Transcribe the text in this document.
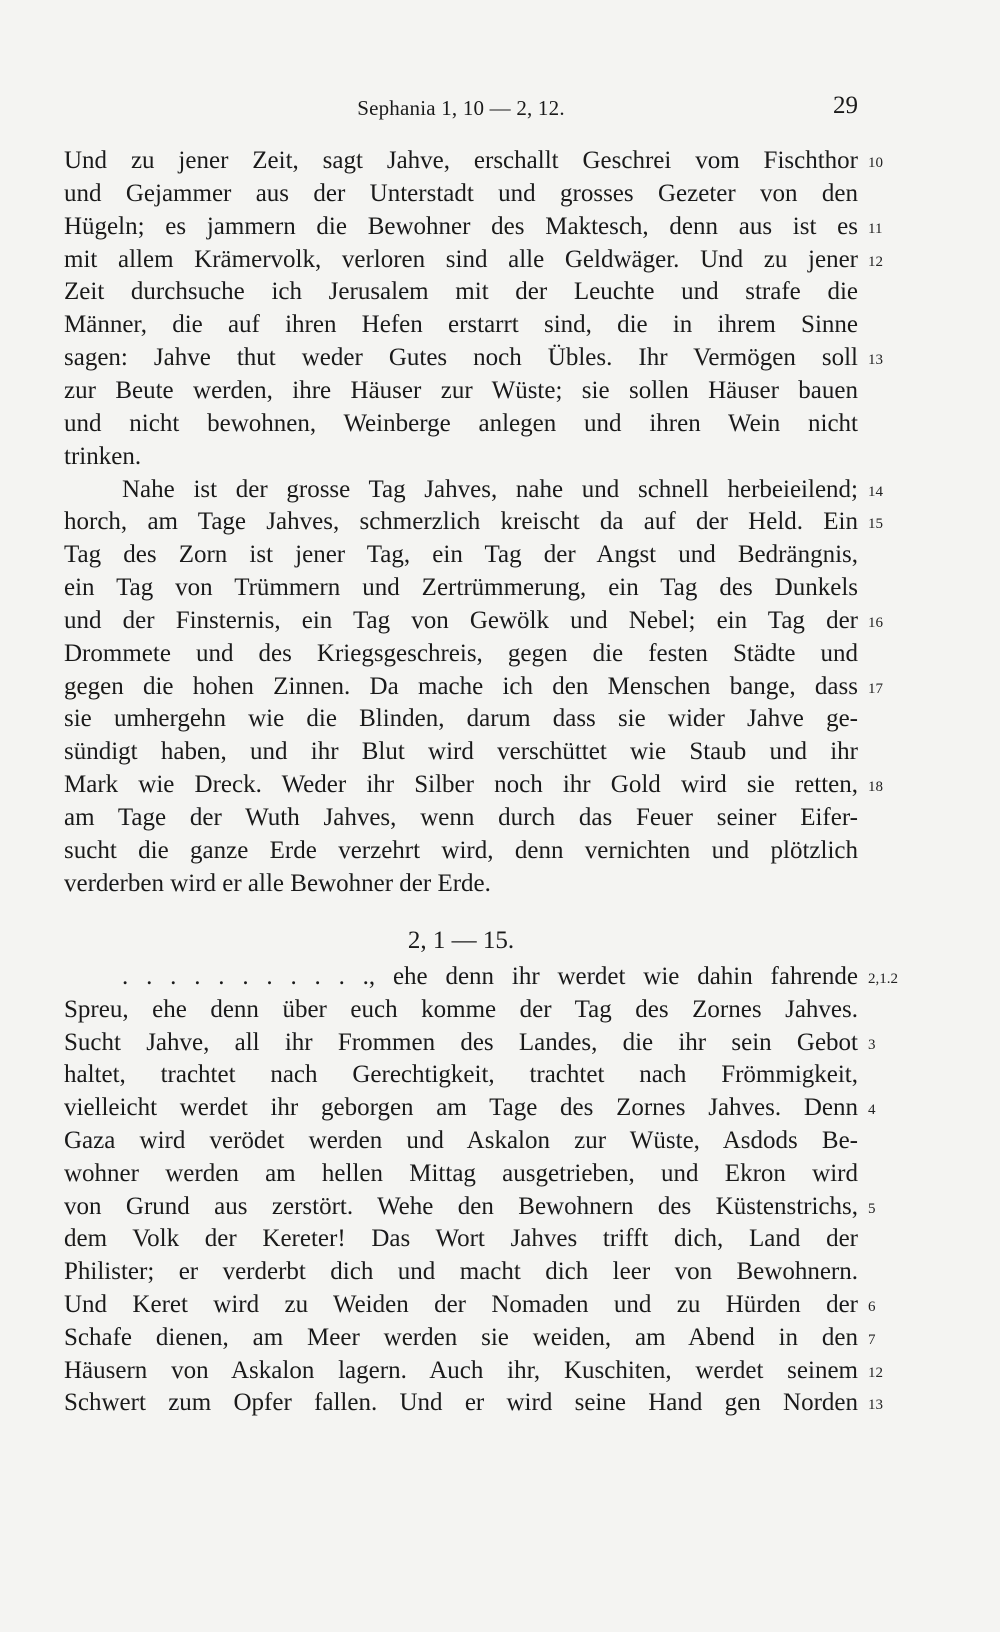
Sephania 1, 10 — 2, 12.	29
Und zu jener Zeit, sagt Jahve, erschallt Geschrei vom Fischthor 10
und Gejammer aus der Unterstadt und grosses Gezeter von den
Hügeln; es jammern die Bewohner des Maktesch, denn aus ist es 11
mit allem Krämervolk, verloren sind alle Geldwäger. Und zu jener 12
Zeit durchsuche ich Jerusalem mit der Leuchte und strafe die
Männer, die auf ihren Hefen erstarrt sind, die in ihrem Sinne
sagen: Jahve thut weder Gutes noch Übles. Ihr Vermögen soll 13
zur Beute werden, ihre Häuser zur Wüste; sie sollen Häuser bauen
und nicht bewohnen, Weinberge anlegen und ihren Wein nicht
trinken.
Nahe ist der grosse Tag Jahves, nahe und schnell herbeieilend; 14
horch, am Tage Jahves, schmerzlich kreischt da auf der Held. Ein 15
Tag des Zorn ist jener Tag, ein Tag der Angst und Bedrängnis,
ein Tag von Trümmern und Zertrümmerung, ein Tag des Dunkels
und der Finsternis, ein Tag von Gewölk und Nebel; ein Tag der 16
Drommete und des Kriegsgeschreis, gegen die festen Städte und
gegen die hohen Zinnen. Da mache ich den Menschen bange, dass 17
sie umhergehn wie die Blinden, darum dass sie wider Jahve ge-
sündigt haben, und ihr Blut wird verschüttet wie Staub und ihr
Mark wie Dreck. Weder ihr Silber noch ihr Gold wird sie retten, 18
am Tage der Wuth Jahves, wenn durch das Feuer seiner Eifer-
sucht die ganze Erde verzehrt wird, denn vernichten und plötzlich
verderben wird er alle Bewohner der Erde.
2, 1 — 15.
. . . . . . . . . . ., ehe denn ihr werdet wie dahin fahrende 2,1.2
Spreu, ehe denn über euch komme der Tag des Zornes Jahves.
Sucht Jahve, all ihr Frommen des Landes, die ihr sein Gebot 3
haltet, trachtet nach Gerechtigkeit, trachtet nach Frömmigkeit,
vielleicht werdet ihr geborgen am Tage des Zornes Jahves. Denn 4
Gaza wird verödet werden und Askalon zur Wüste, Asdods Be-
wohner werden am hellen Mittag ausgetrieben, und Ekron wird
von Grund aus zerstört. Wehe den Bewohnern des Küstenstrichs, 5
dem Volk der Kereter! Das Wort Jahves trifft dich, Land der
Philister; er verderbt dich und macht dich leer von Bewohnern.
Und Keret wird zu Weiden der Nomaden und zu Hürden der 6
Schafe dienen, am Meer werden sie weiden, am Abend in den 7
Häusern von Askalon lagern. Auch ihr, Kuschiten, werdet seinem 12
Schwert zum Opfer fallen. Und er wird seine Hand gen Norden 13
